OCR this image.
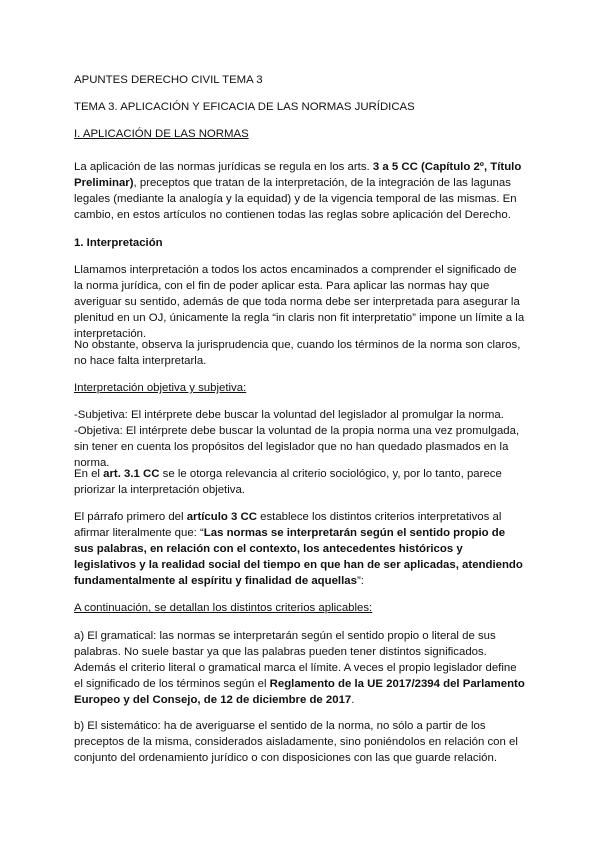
APUNTES DERECHO CIVIL TEMA 3
TEMA 3. APLICACIÓN Y EFICACIA DE LAS NORMAS JURÍDICAS
I. APLICACIÓN DE LAS NORMAS
La aplicación de las normas jurídicas se regula en los arts. 3 a 5 CC (Capítulo 2º, Título Preliminar), preceptos que tratan de la interpretación, de la integración de las lagunas legales (mediante la analogía y la equidad) y de la vigencia temporal de las mismas. En cambio, en estos artículos no contienen todas las reglas sobre aplicación del Derecho.
1. Interpretación
Llamamos interpretación a todos los actos encaminados a comprender el significado de la norma jurídica, con el fin de poder aplicar esta. Para aplicar las normas hay que averiguar su sentido, además de que toda norma debe ser interpretada para asegurar la plenitud en un OJ, únicamente la regla “in claris non fit interpretatio” impone un límite a la interpretación.
No obstante, observa la jurisprudencia que, cuando los términos de la norma son claros, no hace falta interpretarla.
Interpretación objetiva y subjetiva:
-Subjetiva: El intérprete debe buscar la voluntad del legislador al promulgar la norma.
-Objetiva: El intérprete debe buscar la voluntad de la propia norma una vez promulgada, sin tener en cuenta los propósitos del legislador que no han quedado plasmados en la norma.
En el art. 3.1 CC se le otorga relevancia al criterio sociológico, y, por lo tanto, parece priorizar la interpretación objetiva.
El párrafo primero del artículo 3 CC establece los distintos criterios interpretativos al afirmar literalmente que: “Las normas se interpretarán según el sentido propio de sus palabras, en relación con el contexto, los antecedentes históricos y legislativos y la realidad social del tiempo en que han de ser aplicadas, atendiendo fundamentalmente al espíritu y finalidad de aquellas”:
A continuación, se detallan los distintos criterios aplicables:
a) El gramatical: las normas se interpretarán según el sentido propio o literal de sus palabras. No suele bastar ya que las palabras pueden tener distintos significados. Además el criterio literal o gramatical marca el límite. A veces el propio legislador define el significado de los términos según el Reglamento de la UE 2017/2394 del Parlamento Europeo y del Consejo, de 12 de diciembre de 2017.
b) El sistemático: ha de averiguarse el sentido de la norma, no sólo a partir de los preceptos de la misma, considerados aisladamente, sino poniéndolos en relación con el conjunto del ordenamiento jurídico o con disposiciones con las que guarde relación.
